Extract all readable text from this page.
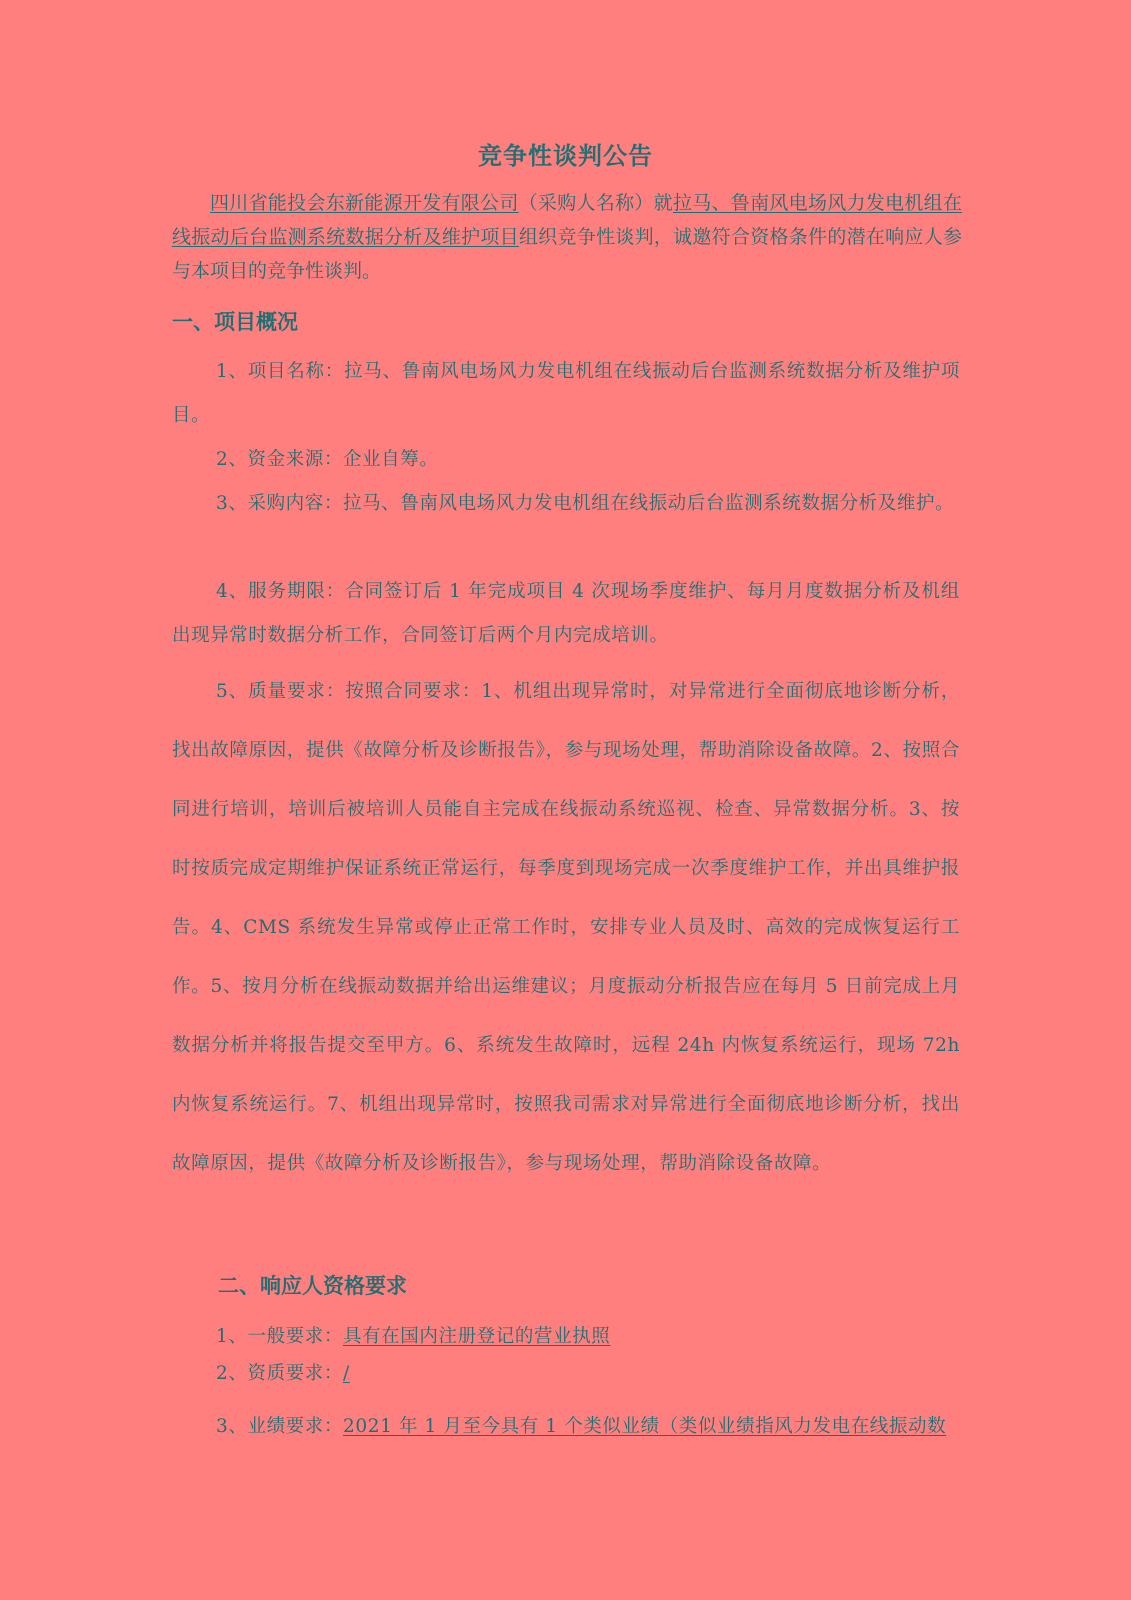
竞争性谈判公告
四川省能投会东新能源开发有限公司（采购人名称）就拉马、鲁南风电场风力发电机组在线振动后台监测系统数据分析及维护项目组织竞争性谈判，诚邀符合资格条件的潜在响应人参与本项目的竞争性谈判。
一、项目概况
1、项目名称：拉马、鲁南风电场风力发电机组在线振动后台监测系统数据分析及维护项目。
2、资金来源：企业自筹。
3、采购内容：拉马、鲁南风电场风力发电机组在线振动后台监测系统数据分析及维护。
4、服务期限：合同签订后 1 年完成项目 4 次现场季度维护、每月月度数据分析及机组出现异常时数据分析工作，合同签订后两个月内完成培训。
5、质量要求：按照合同要求：1、机组出现异常时，对异常进行全面彻底地诊断分析，找出故障原因，提供《故障分析及诊断报告》，参与现场处理，帮助消除设备故障。2、按照合同进行培训，培训后被培训人员能自主完成在线振动系统巡视、检查、异常数据分析。3、按时按质完成定期维护保证系统正常运行，每季度到现场完成一次季度维护工作，并出具维护报告。4、CMS 系统发生异常或停止正常工作时，安排专业人员及时、高效的完成恢复运行工作。5、按月分析在线振动数据并给出运维建议；月度振动分析报告应在每月 5 日前完成上月数据分析并将报告提交至甲方。6、系统发生故障时，远程 24h 内恢复系统运行，现场 72h 内恢复系统运行。7、机组出现异常时，按照我司需求对异常进行全面彻底地诊断分析，找出故障原因，提供《故障分析及诊断报告》，参与现场处理，帮助消除设备故障。
二、响应人资格要求
1、一般要求：具有在国内注册登记的营业执照
2、资质要求：/
3、业绩要求：2021 年 1 月至今具有 1 个类似业绩（类似业绩指风力发电在线振动数
